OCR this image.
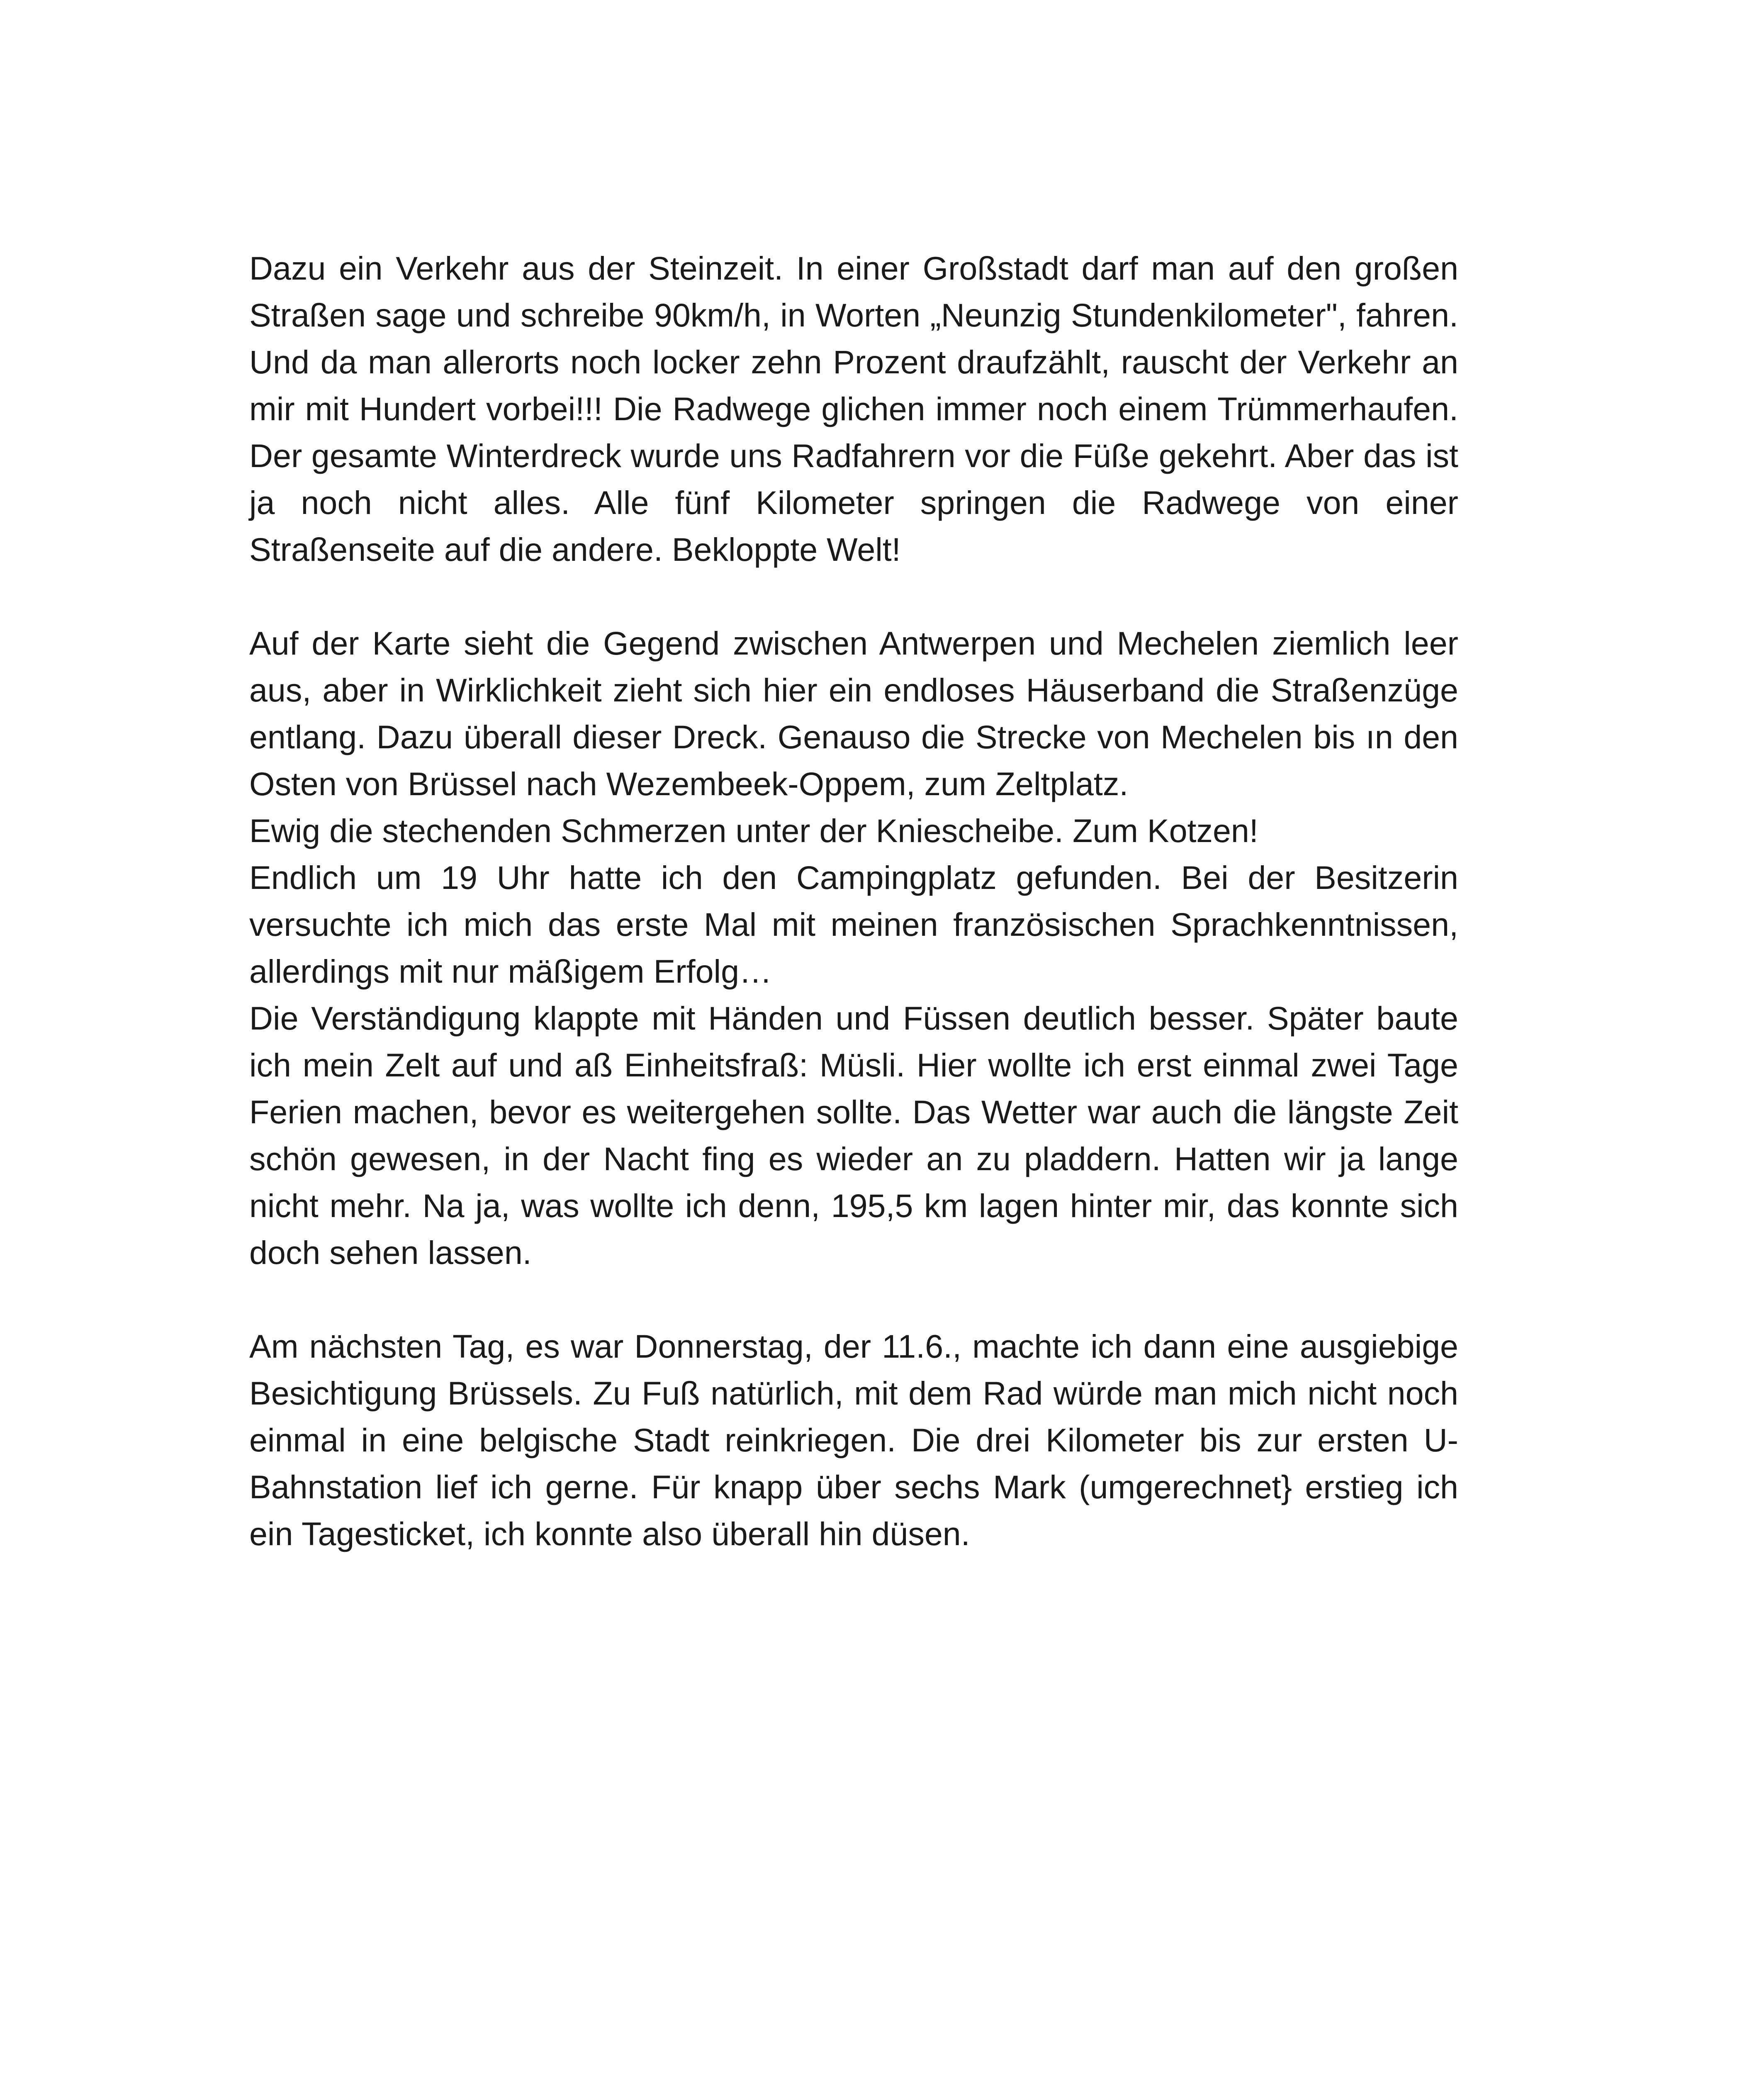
Dazu ein Verkehr aus der Steinzeit. In einer Großstadt darf man auf den großen Straßen sage und schreibe 90km/h, in Worten „Neunzig Stundenkilometer", fahren. Und da man allerorts noch locker zehn Prozent draufzählt, rauscht der Verkehr an mir mit Hundert vorbei!!! Die Radwege glichen immer noch einem Trümmerhaufen. Der gesamte Winterdreck wurde uns Radfahrern vor die Füße gekehrt. Aber das ist ja noch nicht alles. Alle fünf Kilometer springen die Radwege von einer Straßenseite auf die andere. Bekloppte Welt!

Auf der Karte sieht die Gegend zwischen Antwerpen und Mechelen ziemlich leer aus, aber in Wirklichkeit zieht sich hier ein endloses Häuserband die Straßenzüge entlang. Dazu überall dieser Dreck. Genauso die Strecke von Mechelen bis ın den Osten von Brüssel nach Wezembeek-Oppem, zum Zeltplatz.

Ewig die stechenden Schmerzen unter der Kniescheibe. Zum Kotzen!

Endlich um 19 Uhr hatte ich den Campingplatz gefunden. Bei der Besitzerin versuchte ich mich das erste Mal mit meinen französischen Sprachkenntnissen, allerdings mit nur mäßigem Erfolg…

Die Verständigung klappte mit Händen und Füssen deutlich besser. Später baute ich mein Zelt auf und aß Einheitsfraß: Müsli. Hier wollte ich erst einmal zwei Tage Ferien machen, bevor es weitergehen sollte. Das Wetter war auch die längste Zeit schön gewesen, in der Nacht fing es wieder an zu pladdern. Hatten wir ja lange nicht mehr. Na ja, was wollte ich denn, 195,5 km lagen hinter mir, das konnte sich doch sehen lassen.

Am nächsten Tag, es war Donnerstag, der 11.6., machte ich dann eine ausgiebige Besichtigung Brüssels. Zu Fuß natürlich, mit dem Rad würde man mich nicht noch einmal in eine belgische Stadt reinkriegen. Die drei Kilometer bis zur ersten U-Bahnstation lief ich gerne. Für knapp über sechs Mark (umgerechnet} erstieg ich ein Tagesticket, ich konnte also überall hin düsen.
